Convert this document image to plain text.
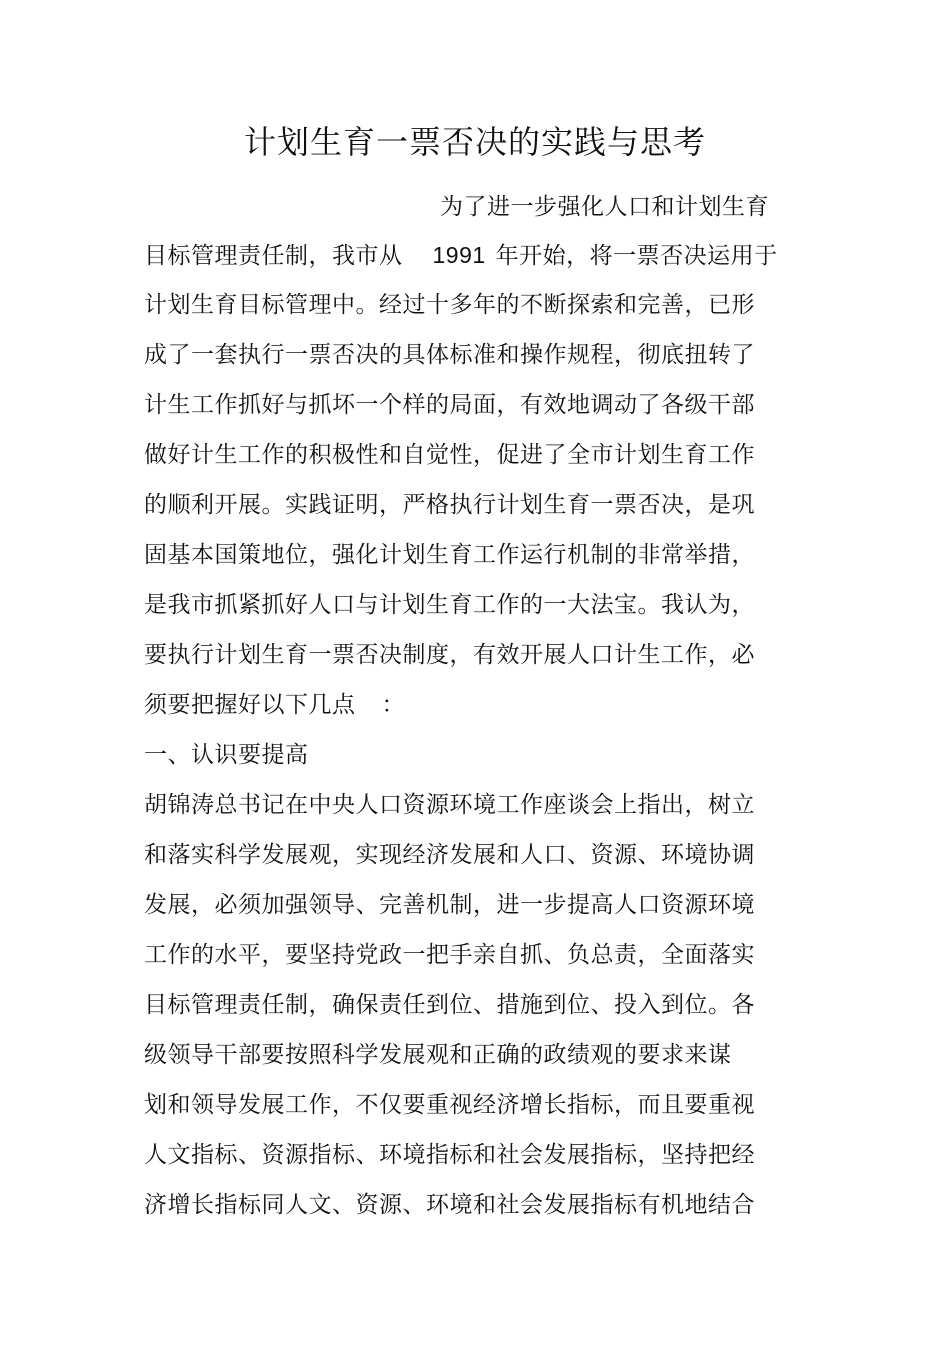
计划生育一票否决的实践与思考
为了进一步强化人口和计划生育
目标管理责任制，我市从 1991 年开始，将一票否决运用于
计划生育目标管理中。经过十多年的不断探索和完善，已形
成了一套执行一票否决的具体标准和操作规程，彻底扭转了
计生工作抓好与抓坏一个样的局面，有效地调动了各级干部
做好计生工作的积极性和自觉性，促进了全市计划生育工作
的顺利开展。实践证明，严格执行计划生育一票否决，是巩
固基本国策地位，强化计划生育工作运行机制的非常举措，
是我市抓紧抓好人口与计划生育工作的一大法宝。我认为，
要执行计划生育一票否决制度，有效开展人口计生工作，必
须要把握好以下几点 ：
一、认识要提高
胡锦涛总书记在中央人口资源环境工作座谈会上指出，树立
和落实科学发展观，实现经济发展和人口、资源、环境协调
发展，必须加强领导、完善机制，进一步提高人口资源环境
工作的水平，要坚持党政一把手亲自抓、负总责，全面落实
目标管理责任制，确保责任到位、措施到位、投入到位。各
级领导干部要按照科学发展观和正确的政绩观的要求来谋
划和领导发展工作，不仅要重视经济增长指标，而且要重视
人文指标、资源指标、环境指标和社会发展指标，坚持把经
济增长指标同人文、资源、环境和社会发展指标有机地结合
